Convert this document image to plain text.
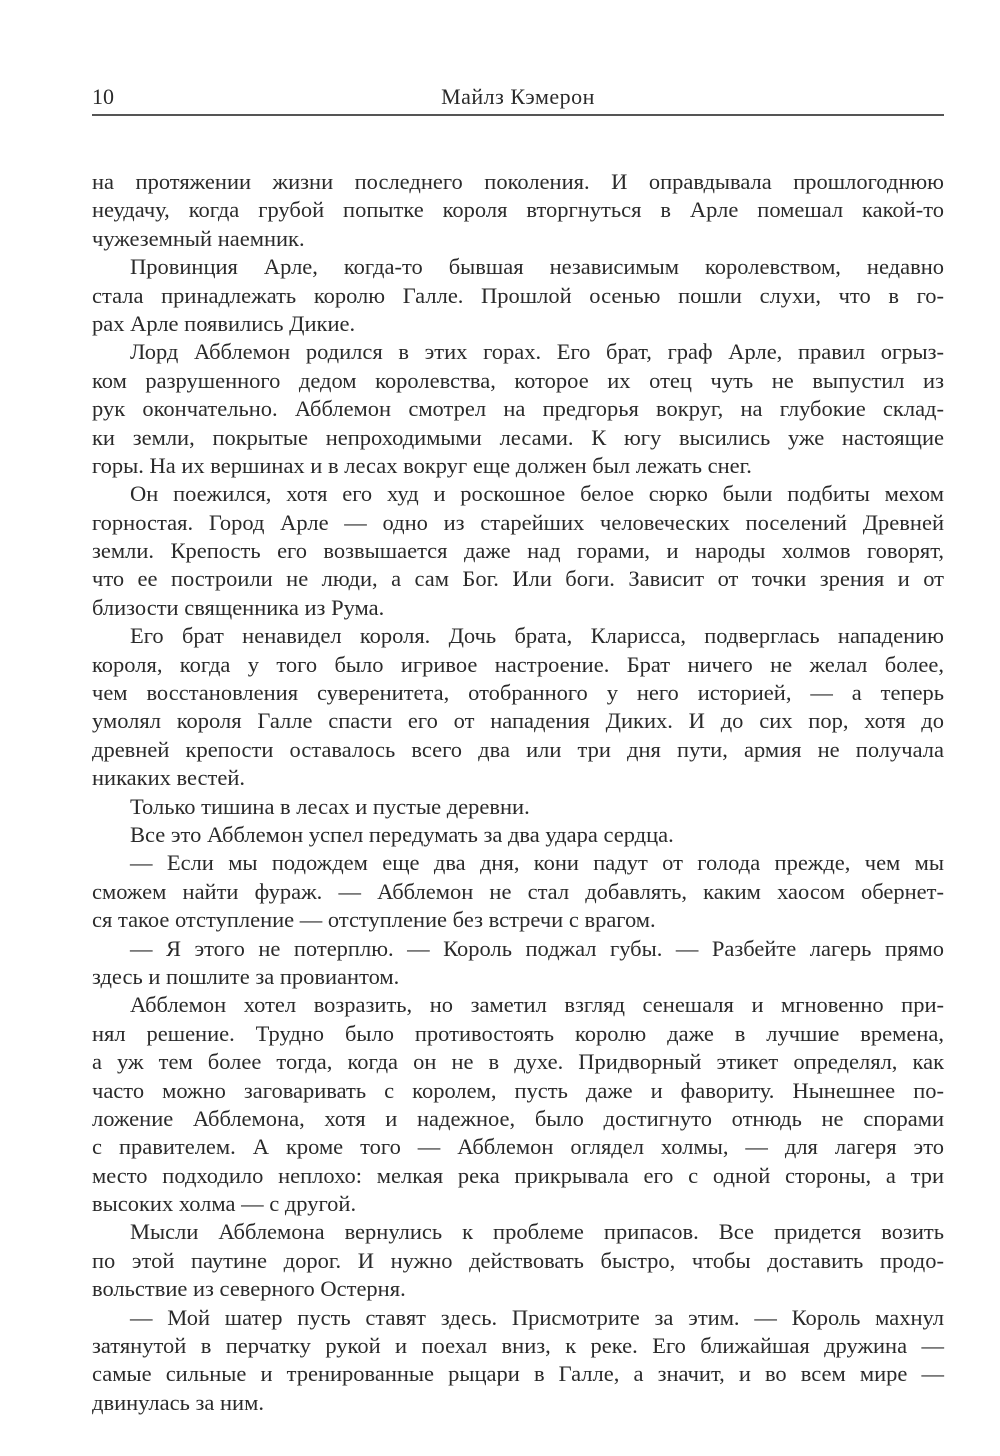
10	Майлз Кэмерон
на протяжении жизни последнего поколения. И оправдывала прошлогоднюю
неудачу, когда грубой попытке короля вторгнуться в Арле помешал какой-то
чужеземный наемник.
Провинция Арле, когда-то бывшая независимым королевством, недавно
стала принадлежать королю Галле. Прошлой осенью пошли слухи, что в го-
рах Арле появились Дикие.
Лорд Абблемон родился в этих горах. Его брат, граф Арле, правил огрыз-
ком разрушенного дедом королевства, которое их отец чуть не выпустил из
рук окончательно. Абблемон смотрел на предгорья вокруг, на глубокие склад-
ки земли, покрытые непроходимыми лесами. К югу высились уже настоящие
горы. На их вершинах и в лесах вокруг еще должен был лежать снег.
Он поежился, хотя его худ и роскошное белое сюрко были подбиты мехом
горностая. Город Арле — одно из старейших человеческих поселений Древней
земли. Крепость его возвышается даже над горами, и народы холмов говорят,
что ее построили не люди, а сам Бог. Или боги. Зависит от точки зрения и от
близости священника из Рума.
Его брат ненавидел короля. Дочь брата, Кларисса, подверглась нападению
короля, когда у того было игривое настроение. Брат ничего не желал более,
чем восстановления суверенитета, отобранного у него историей, — а теперь
умолял короля Галле спасти его от нападения Диких. И до сих пор, хотя до
древней крепости оставалось всего два или три дня пути, армия не получала
никаких вестей.
Только тишина в лесах и пустые деревни.
Все это Абблемон успел передумать за два удара сердца.
— Если мы подождем еще два дня, кони падут от голода прежде, чем мы
сможем найти фураж. — Абблемон не стал добавлять, каким хаосом обернет-
ся такое отступление — отступление без встречи с врагом.
— Я этого не потерплю. — Король поджал губы. — Разбейте лагерь прямо
здесь и пошлите за провиантом.
Абблемон хотел возразить, но заметил взгляд сенешаля и мгновенно при-
нял решение. Трудно было противостоять королю даже в лучшие времена,
а уж тем более тогда, когда он не в духе. Придворный этикет определял, как
часто можно заговаривать с королем, пусть даже и фавориту. Нынешнее по-
ложение Абблемона, хотя и надежное, было достигнуто отнюдь не спорами
с правителем. А кроме того — Абблемон оглядел холмы, — для лагеря это
место подходило неплохо: мелкая река прикрывала его с одной стороны, а три
высоких холма — с другой.
Мысли Абблемона вернулись к проблеме припасов. Все придется возить
по этой паутине дорог. И нужно действовать быстро, чтобы доставить продо-
вольствие из северного Остерня.
— Мой шатер пусть ставят здесь. Присмотрите за этим. — Король махнул
затянутой в перчатку рукой и поехал вниз, к реке. Его ближайшая дружина —
самые сильные и тренированные рыцари в Галле, а значит, и во всем мире —
двинулась за ним.
